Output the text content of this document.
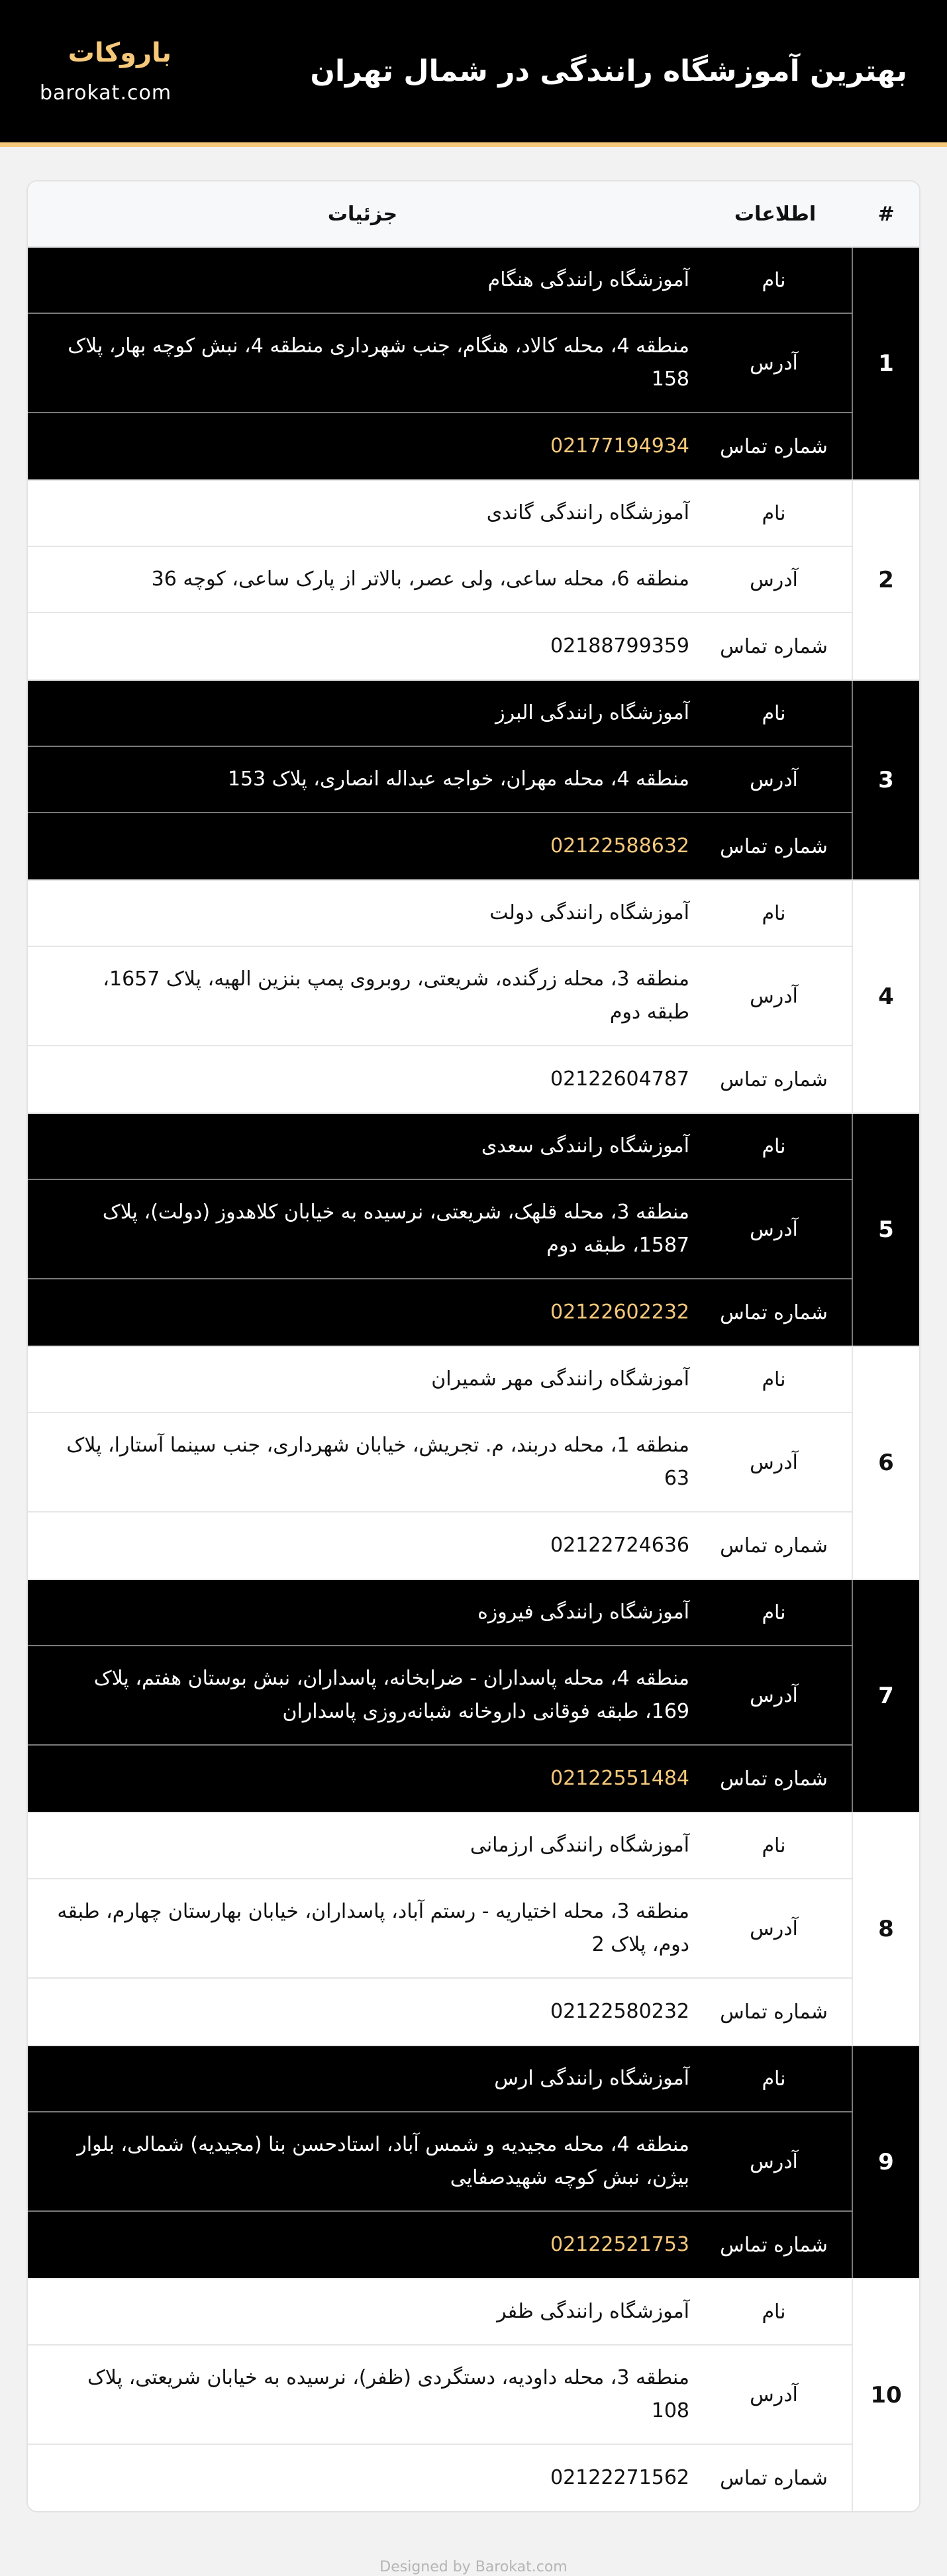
بهترین آموزشگاه رانندگی در شمال تهران
باروکات
barokat.com
#
اطلاعات
جزئیات
1
نام
آموزشگاه رانندگی هنگام
آدرس
منطقه 4، محله کالاد، هنگام، جنب شهرداری منطقه 4، نبش کوچه بهار، پلاک 158
شماره تماس
02177194934
2
نام
آموزشگاه رانندگی گاندی
آدرس
منطقه 6، محله ساعی، ولی عصر، بالاتر از پارک ساعی، کوچه 36
شماره تماس
02188799359
3
نام
آموزشگاه رانندگی البرز
آدرس
منطقه 4، محله مهران، خواجه عبداله انصاری، پلاک 153
شماره تماس
02122588632
4
نام
آموزشگاه رانندگی دولت
آدرس
منطقه 3، محله زرگنده، شریعتی، روبروی پمپ بنزین الهیه، پلاک 1657، طبقه دوم
شماره تماس
02122604787
5
نام
آموزشگاه رانندگی سعدی
آدرس
منطقه 3، محله قلهک، شریعتی، نرسیده به خیابان کلاهدوز (دولت)، پلاک 1587، طبقه دوم
شماره تماس
02122602232
6
نام
آموزشگاه رانندگی مهر شمیران
آدرس
منطقه 1، محله دربند، م. تجریش، خیابان شهرداری، جنب سینما آستارا، پلاک 63
شماره تماس
02122724636
7
نام
آموزشگاه رانندگی فیروزه
آدرس
منطقه 4، محله پاسداران - ضرابخانه، پاسداران، نبش بوستان هفتم، پلاک 169، طبقه فوقانی داروخانه شبانه‌روزی پاسداران
شماره تماس
02122551484
8
نام
آموزشگاه رانندگی ارزمانی
آدرس
منطقه 3، محله اختیاریه - رستم آباد، پاسداران، خیابان بهارستان چهارم، طبقه دوم، پلاک 2
شماره تماس
02122580232
9
نام
آموزشگاه رانندگی ارس
آدرس
منطقه 4، محله مجیدیه و شمس آباد، استادحسن بنا (مجیدیه) شمالی، بلوار بیژن، نبش کوچه شهیدصفایی
شماره تماس
02122521753
10
نام
آموزشگاه رانندگی ظفر
آدرس
منطقه 3، محله داودیه، دستگردی (ظفر)، نرسیده به خیابان شریعتی، پلاک 108
شماره تماس
02122271562
Designed by Barokat.com
